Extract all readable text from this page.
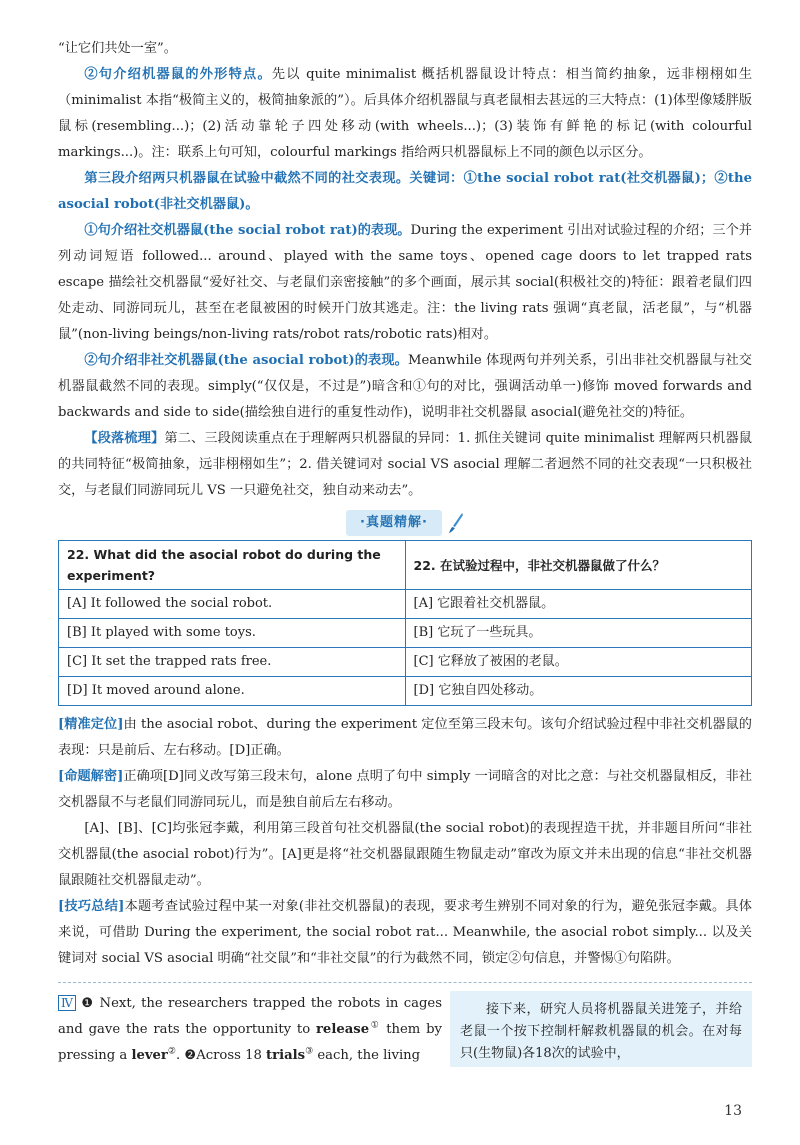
“让它们共处一室”。

②句介绍机器鼠的外形特点。先以 quite minimalist 概括机器鼠设计特点：相当简约抽象，远非栩栩如生（minimalist 本指“极简主义的，极简抽象派的”）。后具体介绍机器鼠与真老鼠相去甚远的三大特点：(1)体型像矮胖版鼠标(resembling...)；(2)活动靠轮子四处移动(with wheels...)；(3)装饰有鲜艳的标记(with colourful markings...)。注：联系上句可知，colourful markings 指给两只机器鼠标上不同的颜色以示区分。

第三段介绍两只机器鼠在试验中截然不同的社交表现。关键词：①the social robot rat(社交机器鼠)；②the asocial robot(非社交机器鼠)。

①句介绍社交机器鼠(the social robot rat)的表现。During the experiment 引出对试验过程的介绍；三个并列动词短语 followed... around、played with the same toys、opened cage doors to let trapped rats escape 描绘社交机器鼠“爱好社交、与老鼠们亲密接触”的多个画面，展示其 social(积极社交的)特征：跟着老鼠们四处走动、同游同玩儿，甚至在老鼠被困的时候开门放其逃走。注：the living rats 强调“真老鼠，活老鼠”，与“机器鼠”(non-living beings/non-living rats/robot rats/robotic rats)相对。

②句介绍非社交机器鼠(the asocial robot)的表现。Meanwhile 体现两句并列关系，引出非社交机器鼠与社交机器鼠截然不同的表现。simply(“仅仅是，不过是”)暗含和①句的对比，强调活动单一)修饰 moved forwards and backwards and side to side(描绘独自进行的重复性动作)，说明非社交机器鼠 asocial(避免社交的)特征。

【段落梳理】第二、三段阅读重点在于理解两只机器鼠的异同：1. 抓住关键词 quite minimalist 理解两只机器鼠的共同特征“极简抽象，远非栩栩如生”；2. 借关键词对 social VS asocial 理解二者迥然不同的社交表现“一只积极社交，与老鼠们同游同玩儿 VS 一只避免社交，独自动来动去”。

·真题精解·
22. What did the asocial robot do during the experiment?	22. 在试验过程中，非社交机器鼠做了什么？
[A] It followed the social robot.	[A] 它跟着社交机器鼠。
[B] It played with some toys.	[B] 它玩了一些玩具。
[C] It set the trapped rats free.	[C] 它释放了被困的老鼠。
[D] It moved around alone.	[D] 它独自四处移动。

[精准定位]由 the asocial robot、during the experiment 定位至第三段末句。该句介绍试验过程中非社交机器鼠的表现：只是前后、左右移动。[D]正确。

[命题解密]正确项[D]同义改写第三段末句，alone 点明了句中 simply 一词暗含的对比之意：与社交机器鼠相反，非社交机器鼠不与老鼠们同游同玩儿，而是独自前后左右移动。

[A]、[B]、[C]均张冠李戴，利用第三段首句社交机器鼠(the social robot)的表现捏造干扰，并非题目所问“非社交机器鼠(the asocial robot)行为”。[A]更是将“社交机器鼠跟随生物鼠走动”窜改为原文并未出现的信息“非社交机器鼠跟随社交机器鼠走动”。

[技巧总结]本题考查试验过程中某一对象(非社交机器鼠)的表现，要求考生辨别不同对象的行为，避免张冠李戴。具体来说，可借助 During the experiment, the social robot rat... Meanwhile, the asocial robot simply... 以及关键词对 social VS asocial 明确“社交鼠”和“非社交鼠”的行为截然不同，锁定②句信息，并警惕①句陷阱。

Ⅳ ❶ Next, the researchers trapped the robots in cages and gave the rats the opportunity to release① them by pressing a lever②. ❷Across 18 trials③ each, the living

接下来，研究人员将机器鼠关进笼子，并给老鼠一个按下控制杆解救机器鼠的机会。在对每只(生物鼠)各18次的试验中，

13
